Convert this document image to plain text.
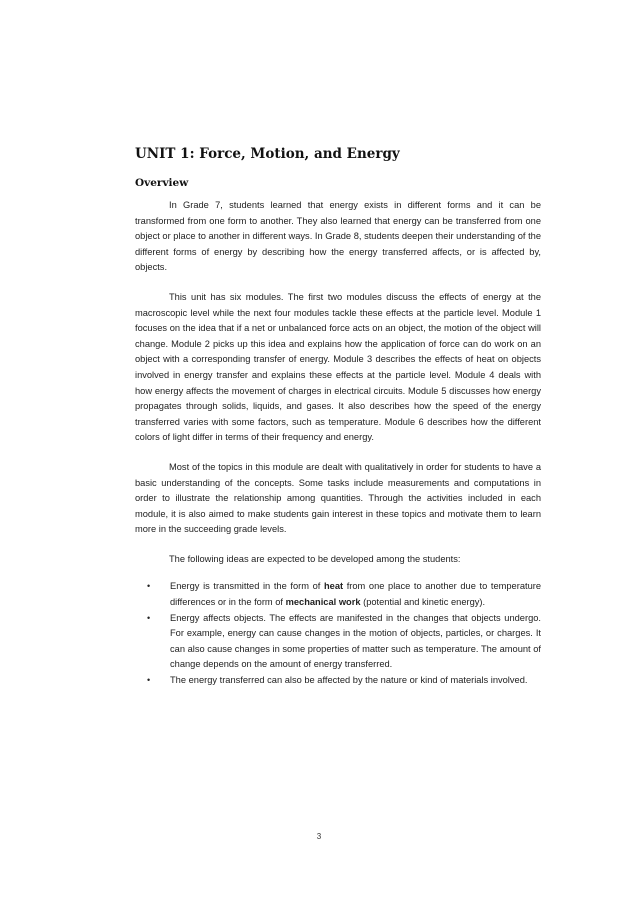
UNIT 1: Force, Motion, and Energy
Overview

In Grade 7, students learned that energy exists in different forms and it can be transformed from one form to another. They also learned that energy can be transferred from one object or place to another in different ways. In Grade 8, students deepen their understanding of the different forms of energy by describing how the energy transferred affects, or is affected by, objects.

This unit has six modules. The first two modules discuss the effects of energy at the macroscopic level while the next four modules tackle these effects at the particle level. Module 1 focuses on the idea that if a net or unbalanced force acts on an object, the motion of the object will change. Module 2 picks up this idea and explains how the application of force can do work on an object with a corresponding transfer of energy. Module 3 describes the effects of heat on objects involved in energy transfer and explains these effects at the particle level. Module 4 deals with how energy affects the movement of charges in electrical circuits. Module 5 discusses how energy propagates through solids, liquids, and gases. It also describes how the speed of the energy transferred varies with some factors, such as temperature. Module 6 describes how the different colors of light differ in terms of their frequency and energy.

Most of the topics in this module are dealt with qualitatively in order for students to have a basic understanding of the concepts. Some tasks include measurements and computations in order to illustrate the relationship among quantities. Through the activities included in each module, it is also aimed to make students gain interest in these topics and motivate them to learn more in the succeeding grade levels.

The following ideas are expected to be developed among the students:

• Energy is transmitted in the form of heat from one place to another due to temperature differences or in the form of mechanical work (potential and kinetic energy).
• Energy affects objects. The effects are manifested in the changes that objects undergo. For example, energy can cause changes in the motion of objects, particles, or charges. It can also cause changes in some properties of matter such as temperature. The amount of change depends on the amount of energy transferred.
• The energy transferred can also be affected by the nature or kind of materials involved.
3
